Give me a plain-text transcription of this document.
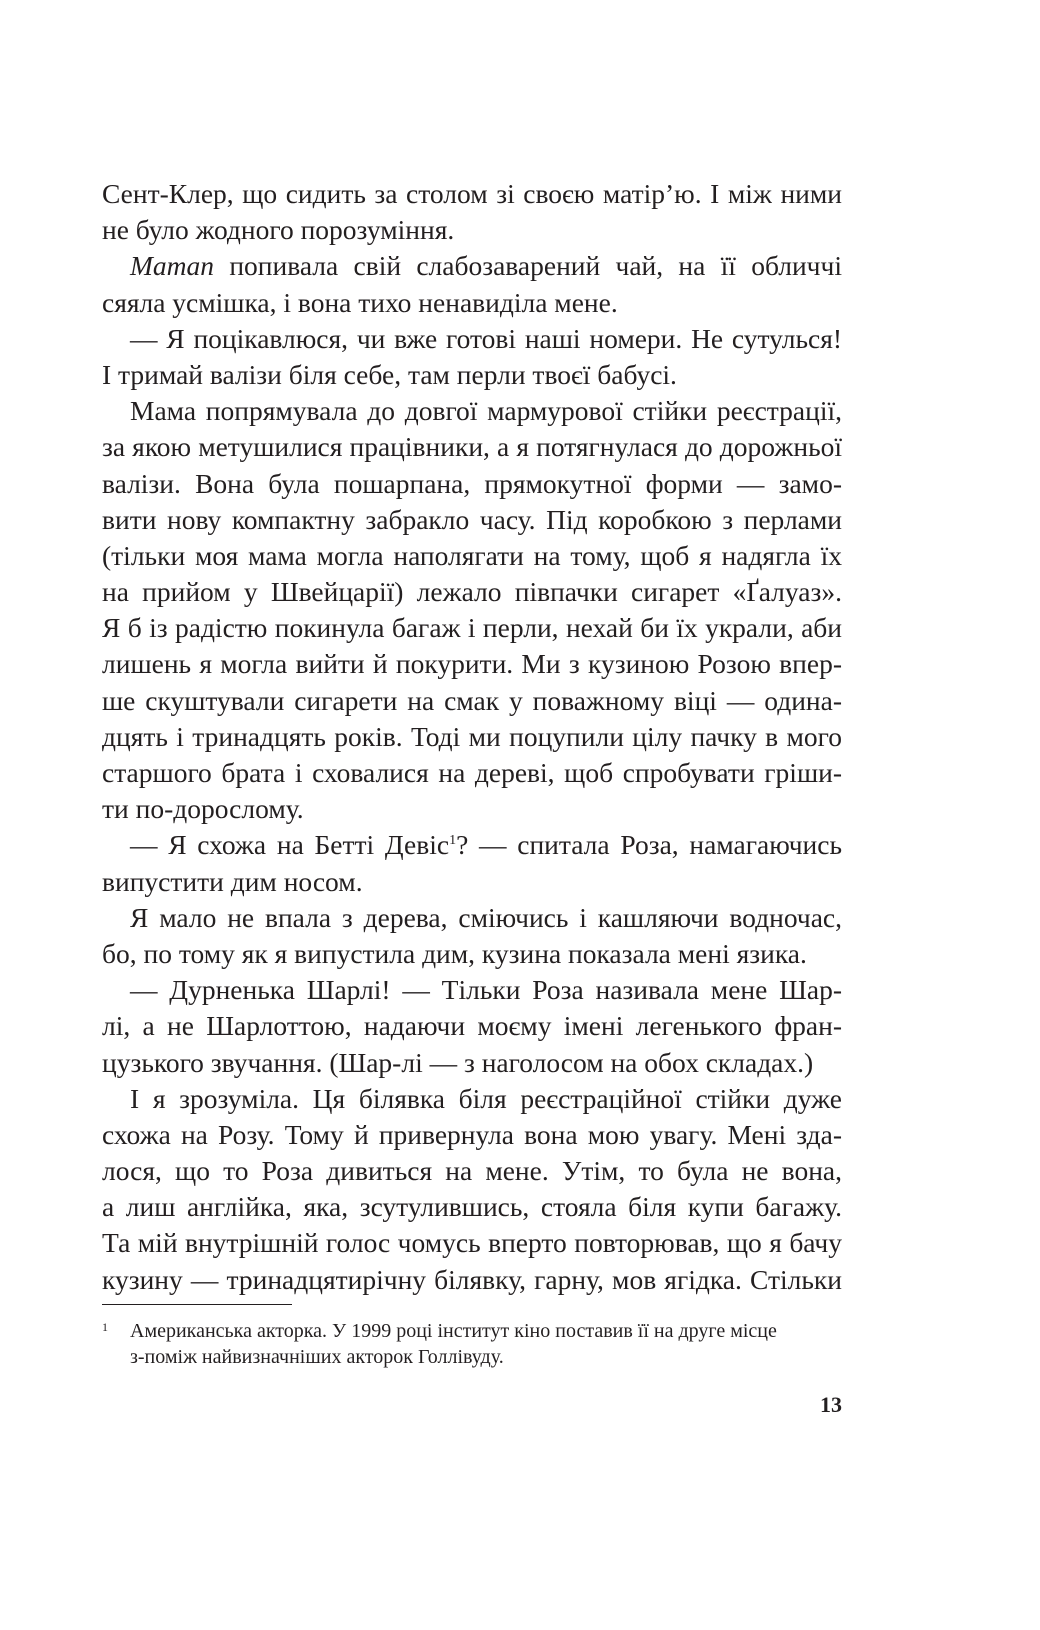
Сент-Клер, що сидить за столом зі своєю матір’ю. І між ними
не було жодного порозуміння.
Maman попивала свій слабозаварений чай, на її обличчі
сяяла усмішка, і вона тихо ненавиділа мене.
— Я поцікавлюся, чи вже готові наші номери. Не сутулься!
І тримай валізи біля себе, там перли твоєї бабусі.
Мама попрямувала до довгої мармурової стійки реєстрації,
за якою метушилися працівники, а я потягнулася до дорожньої
валізи. Вона була пошарпана, прямокутної форми — замо-
вити нову компактну забракло часу. Під коробкою з перлами
(тільки моя мама могла наполягати на тому, щоб я надягла їх
на прийом у Швейцарії) лежало півпачки сигарет «Ґалуаз».
Я б із радістю покинула багаж і перли, нехай би їх украли, аби
лишень я могла вийти й покурити. Ми з кузиною Розою впер-
ше скуштували сигарети на смак у поважному віці — одина-
дцять і тринадцять років. Тоді ми поцупили цілу пачку в мого
старшого брата і сховалися на дереві, щоб спробувати гріши-
ти по-дорослому.
— Я схожа на Бетті Девіс$^1$? — спитала Роза, намагаючись
випустити дим носом.
Я мало не впала з дерева, сміючись і кашляючи водночас,
бо, по тому як я випустила дим, кузина показала мені язика.
— Дурненька Шарлі! — Тільки Роза називала мене Шар-
лі, а не Шарлоттою, надаючи моєму імені легенького фран-
цузького звучання. (Шар-лі — з наголосом на обох складах.)
І я зрозуміла. Ця білявка біля реєстраційної стійки дуже
схожа на Розу. Тому й привернула вона мою увагу. Мені зда-
лося, що то Роза дивиться на мене. Утім, то була не вона,
а лиш англійка, яка, зсутулившись, стояла біля купи багажу.
Та мій внутрішній голос чомусь вперто повторював, що я бачу
кузину — тринадцятирічну білявку, гарну, мов ягідка. Стільки
1 Американська акторка. У 1999 році інститут кіно поставив її на друге місце
з-поміж найвизначніших акторок Голлівуду.
13
